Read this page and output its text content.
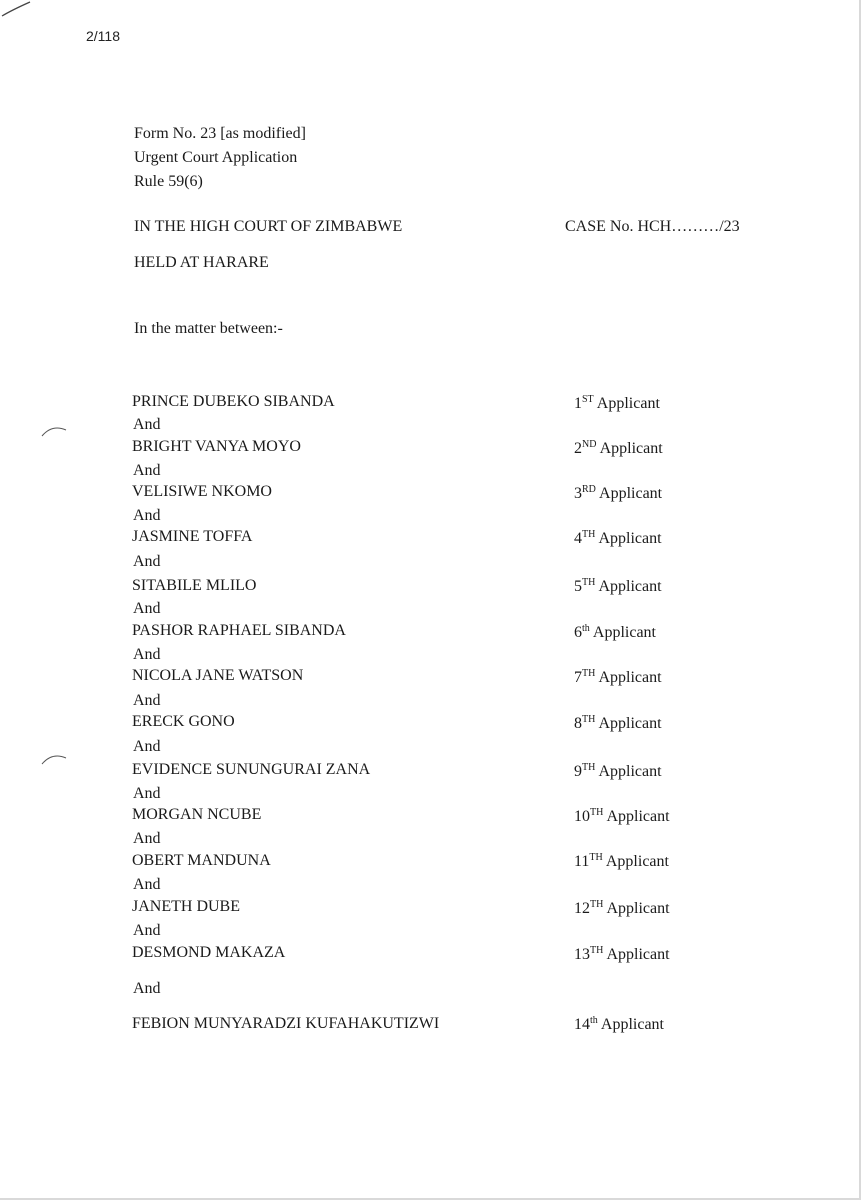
2/118
Form No. 23 [as modified]
Urgent Court Application
Rule 59(6)
IN THE HIGH COURT OF ZIMBABWE	CASE No. HCH………/23
HELD AT HARARE
In the matter between:-
PRINCE DUBEKO SIBANDA	1ST Applicant
And
BRIGHT VANYA MOYO	2ND Applicant
And
VELISIWE NKOMO	3RD Applicant
And
JASMINE TOFFA	4TH Applicant
And
SITABILE MLILO	5TH Applicant
And
PASHOR RAPHAEL SIBANDA	6th Applicant
And
NICOLA JANE WATSON	7TH Applicant
And
ERECK GONO	8TH Applicant
And
EVIDENCE SUNUNGURAI ZANA	9TH Applicant
And
MORGAN NCUBE	10TH Applicant
And
OBERT MANDUNA	11TH Applicant
And
JANETH DUBE	12TH Applicant
And
DESMOND MAKAZA	13TH Applicant
And
FEBION MUNYARADZI KUFAHAKUTIZWI	14th Applicant
